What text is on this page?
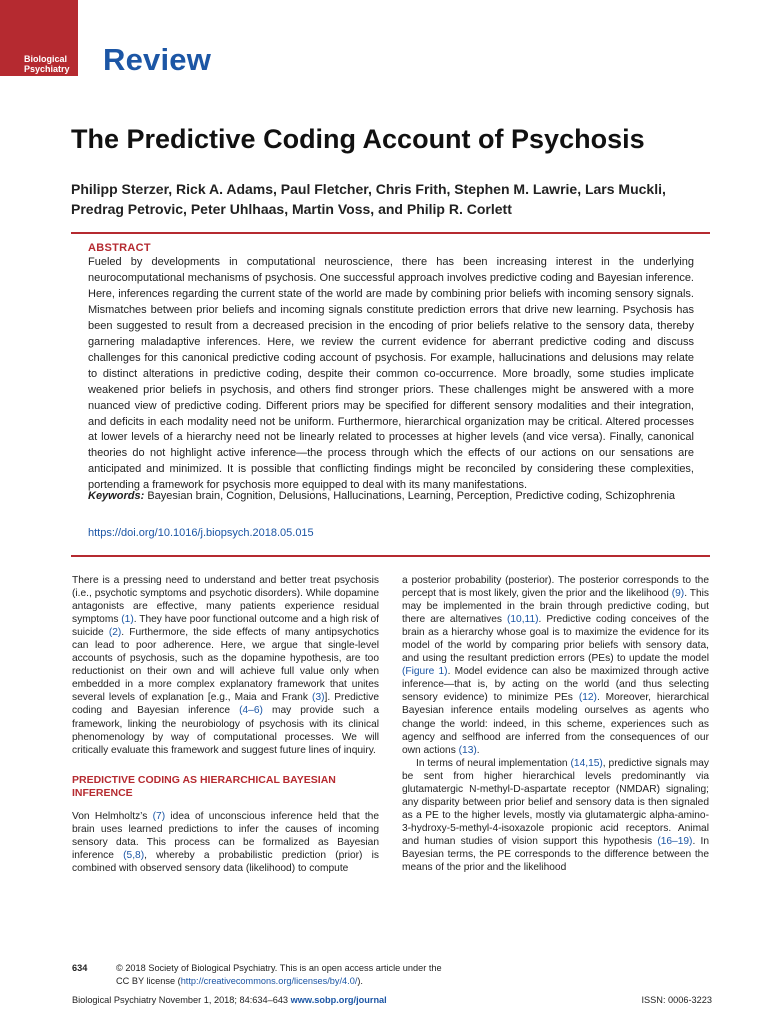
Biological
Psychiatry Review
The Predictive Coding Account of Psychosis
Philipp Sterzer, Rick A. Adams, Paul Fletcher, Chris Frith, Stephen M. Lawrie, Lars Muckli, Predrag Petrovic, Peter Uhlhaas, Martin Voss, and Philip R. Corlett
ABSTRACT

Fueled by developments in computational neuroscience, there has been increasing interest in the underlying neurocomputational mechanisms of psychosis. One successful approach involves predictive coding and Bayesian inference. Here, inferences regarding the current state of the world are made by combining prior beliefs with incoming sensory signals. Mismatches between prior beliefs and incoming signals constitute prediction errors that drive new learning. Psychosis has been suggested to result from a decreased precision in the encoding of prior beliefs relative to the sensory data, thereby garnering maladaptive inferences. Here, we review the current evidence for aberrant predictive coding and discuss challenges for this canonical predictive coding account of psychosis. For example, hallucinations and delusions may relate to distinct alterations in predictive coding, despite their common co-occurrence. More broadly, some studies implicate weakened prior beliefs in psychosis, and others find stronger priors. These challenges might be answered with a more nuanced view of predictive coding. Different priors may be specified for different sensory modalities and their integration, and deficits in each modality need not be uniform. Furthermore, hierarchical organization may be critical. Altered processes at lower levels of a hierarchy need not be linearly related to processes at higher levels (and vice versa). Finally, canonical theories do not highlight active inference—the process through which the effects of our actions on our sensations are anticipated and minimized. It is possible that conflicting findings might be reconciled by considering these complexities, portending a framework for psychosis more equipped to deal with its many manifestations.

Keywords: Bayesian brain, Cognition, Delusions, Hallucinations, Learning, Perception, Predictive coding, Schizophrenia

https://doi.org/10.1016/j.biopsych.2018.05.015

There is a pressing need to understand and better treat psychosis (i.e., psychotic symptoms and psychotic disorders). While dopamine antagonists are effective, many patients experience residual symptoms (1). They have poor functional outcome and a high risk of suicide (2). Furthermore, the side effects of many antipsychotics can lead to poor adherence. Here, we argue that single-level accounts of psychosis, such as the dopamine hypothesis, are too reductionist on their own and will achieve full value only when embedded in a more complex explanatory framework that unites several levels of explanation [e.g., Maia and Frank (3)]. Predictive coding and Bayesian inference (4–6) may provide such a framework, linking the neurobiology of psychosis with its clinical phenomenology by way of computational processes. We will critically evaluate this framework and suggest future lines of inquiry.

PREDICTIVE CODING AS HIERARCHICAL BAYESIAN INFERENCE

Von Helmholtz’s (7) idea of unconscious inference held that the brain uses learned predictions to infer the causes of incoming sensory data. This process can be formalized as Bayesian inference (5,8), whereby a probabilistic prediction (prior) is combined with observed sensory data (likelihood) to compute

a posterior probability (posterior). The posterior corresponds to the percept that is most likely, given the prior and the likelihood (9). This may be implemented in the brain through predictive coding, but there are alternatives (10,11). Predictive coding conceives of the brain as a hierarchy whose goal is to maximize the evidence for its model of the world by comparing prior beliefs with sensory data, and using the resultant prediction errors (PEs) to update the model (Figure 1). Model evidence can also be maximized through active inference—that is, by acting on the world (and thus selecting sensory evidence) to minimize PEs (12). Moreover, hierarchical Bayesian inference entails modeling ourselves as agents who change the world: indeed, in this scheme, experiences such as agency and selfhood are inferred from the consequences of our own actions (13).

In terms of neural implementation (14,15), predictive signals may be sent from higher hierarchical levels predominantly via glutamatergic N-methyl-D-aspartate receptor (NMDAR) signaling; any disparity between prior belief and sensory data is then signaled as a PE to the higher levels, mostly via glutamatergic alpha-amino-3-hydroxy-5-methyl-4-isoxazole propionic acid receptors. Animal and human studies of vision support this hypothesis (16–19). In Bayesian terms, the PE corresponds to the difference between the means of the prior and the likelihood

634	© 2018 Society of Biological Psychiatry. This is an open access article under the
CC BY license (http://creativecommons.org/licenses/by/4.0/).
Biological Psychiatry November 1, 2018; 84:634–643 www.sobp.org/journal	ISSN: 0006-3223
